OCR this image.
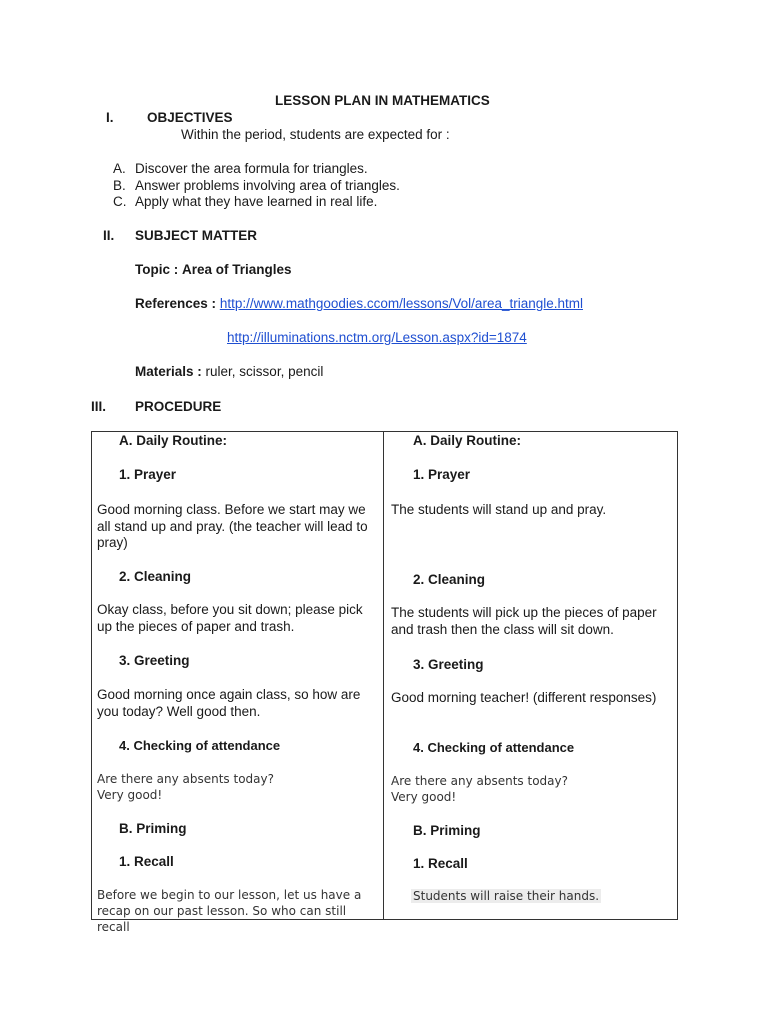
LESSON PLAN IN MATHEMATICS
I. OBJECTIVES
Within the period, students are expected for :
A. Discover the area formula for triangles.
B. Answer problems involving area of triangles.
C. Apply what they have learned in real life.
II. SUBJECT MATTER
Topic : Area of Triangles
References : http://www.mathgoodies.ccom/lessons/Vol/area_triangle.html
http://illuminations.nctm.org/Lesson.aspx?id=1874
Materials : ruler, scissor, pencil
III. PROCEDURE
A. Daily Routine:
1. Prayer
Good morning class. Before we start may we all stand up and pray. (the teacher will lead to pray)
2. Cleaning
Okay class, before you sit down; please pick up the pieces of paper and trash.
3. Greeting
Good morning once again class, so how are you today? Well good then.
4. Checking of attendance
Are there any absents today?
Very good!
B. Priming
1. Recall
Before we begin to our lesson, let us have a recap on our past lesson. So who can still recall
A. Daily Routine:
1. Prayer
The students will stand up and pray.
2. Cleaning
The students will pick up the pieces of paper and trash then the class will sit down.
3. Greeting
Good morning teacher! (different responses)
4. Checking of attendance
Are there any absents today?
Very good!
B. Priming
1. Recall
Students will raise their hands.
